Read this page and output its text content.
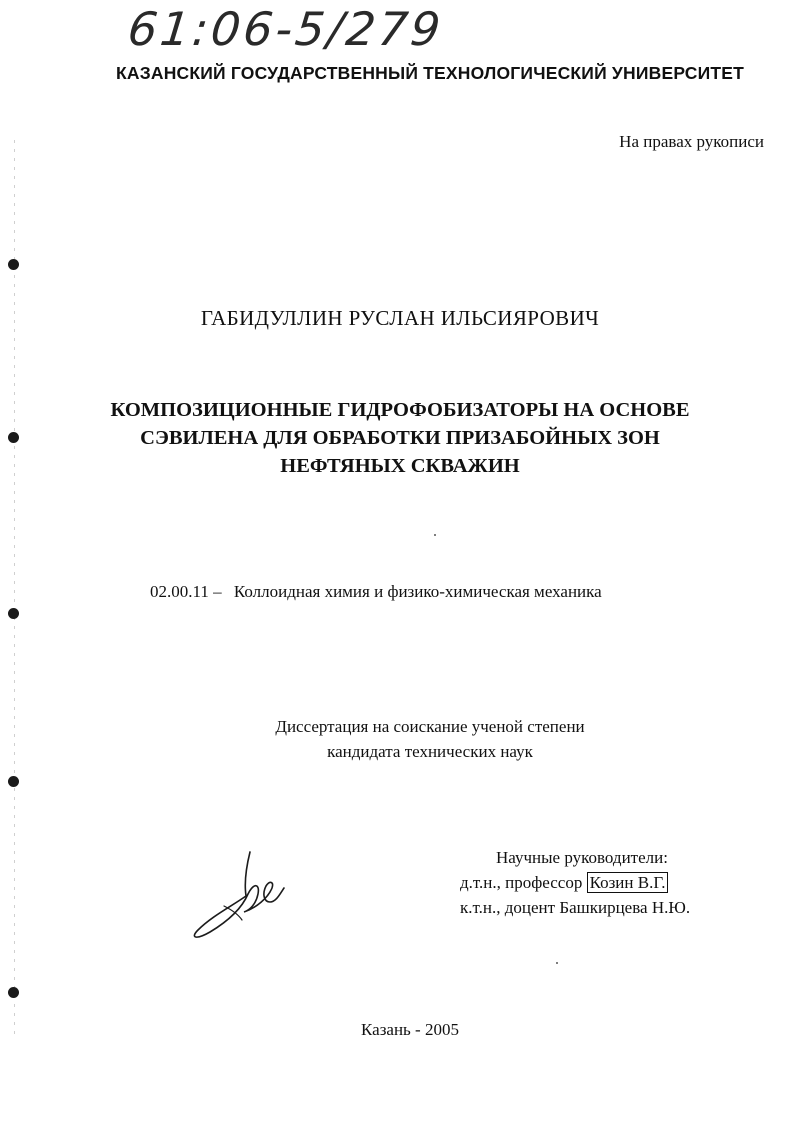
61:06-5/279
КАЗАНСКИЙ ГОСУДАРСТВЕННЫЙ ТЕХНОЛОГИЧЕСКИЙ УНИВЕРСИТЕТ
На правах рукописи
ГАБИДУЛЛИН РУСЛАН ИЛЬСИЯРОВИЧ
КОМПОЗИЦИОННЫЕ ГИДРОФОБИЗАТОРЫ НА ОСНОВЕ
СЭВИЛЕНА ДЛЯ ОБРАБОТКИ ПРИЗАБОЙНЫХ ЗОН
НЕФТЯНЫХ СКВАЖИН
02.00.11 – Коллоидная химия и физико-химическая механика
Диссертация на соискание ученой степени
кандидата технических наук
Научные руководители:
д.т.н., профессор Козин В.Г.
к.т.н., доцент Башкирцева Н.Ю.
Казань - 2005
